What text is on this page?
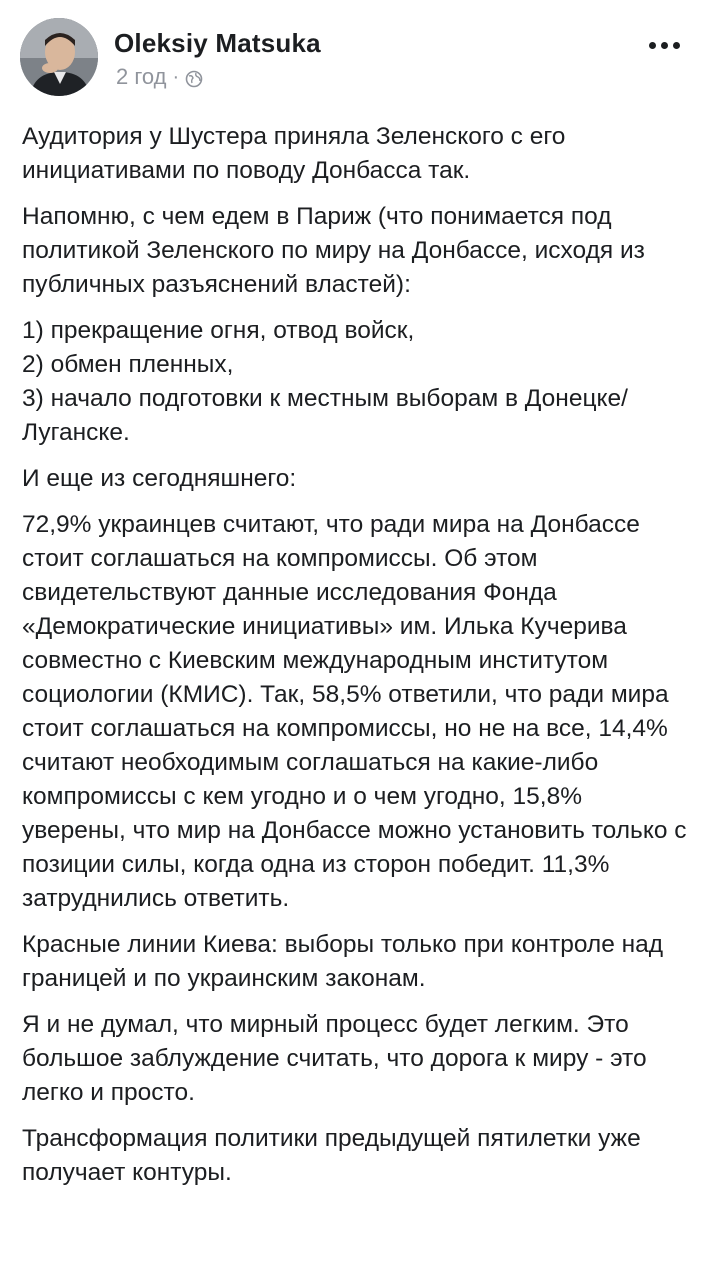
Oleksiy Matsuka
2 год ·

Аудитория у Шустера приняла Зеленского с его инициативами по поводу Донбасса так.

Напомню, с чем едем в Париж (что понимается под политикой Зеленского по миру на Донбассе, исходя из публичных разъяснений властей):

1) прекращение огня, отвод войск,
2) обмен пленных,
3) начало подготовки к местным выборам в Донецке/Луганске.

И еще из сегодняшнего:

72,9% украинцев считают, что ради мира на Донбассе стоит соглашаться на компромиссы. Об этом свидетельствуют данные исследования Фонда «Демократические инициативы» им. Илька Кучерива совместно с Киевским международным институтом социологии (КМИС). Так, 58,5% ответили, что ради мира стоит соглашаться на компромиссы, но не на все, 14,4% считают необходимым соглашаться на какие-либо компромиссы с кем угодно и о чем угодно, 15,8% уверены, что мир на Донбассе можно установить только с позиции силы, когда одна из сторон победит. 11,3% затруднились ответить.

Красные линии Киева: выборы только при контроле над границей и по украинским законам.

Я и не думал, что мирный процесс будет легким. Это большое заблуждение считать, что дорога к миру - это легко и просто.

Трансформация политики предыдущей пятилетки уже получает контуры.
